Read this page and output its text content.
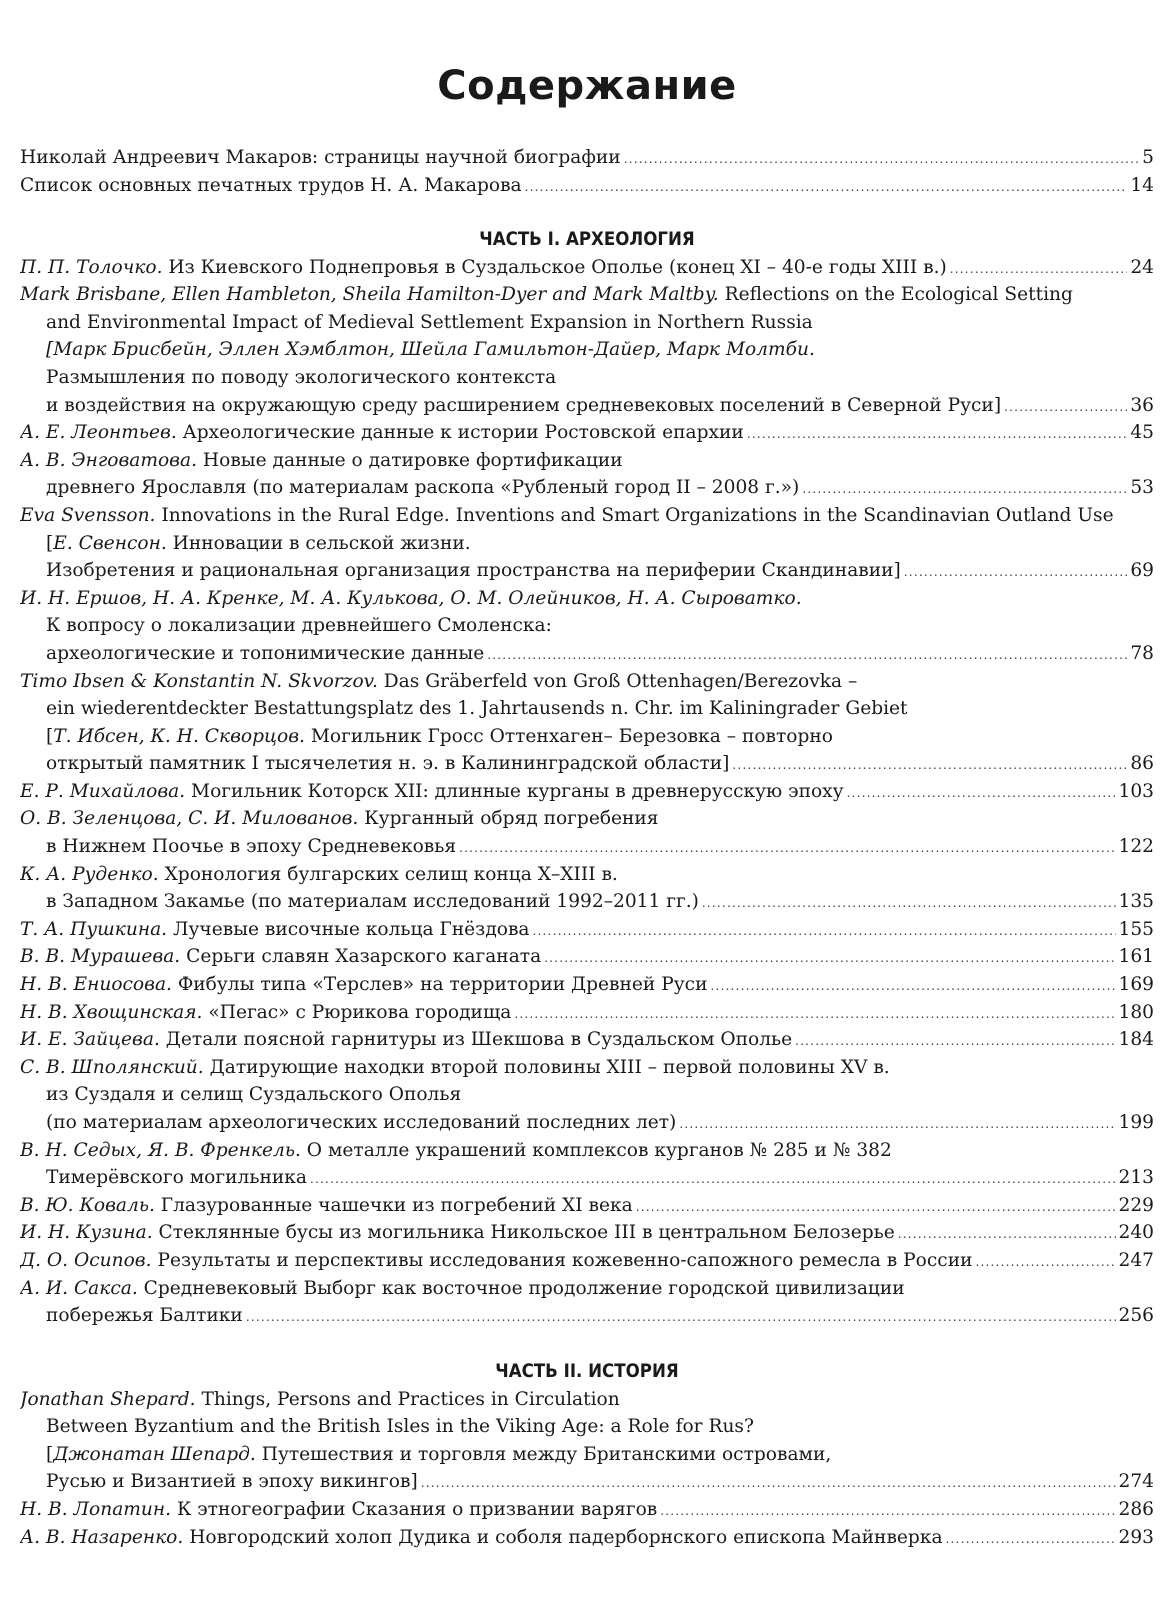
Содержание
Николай Андреевич Макаров: страницы научной биографии .....	5
Список основных печатных трудов Н. А. Макарова .....	14
ЧАСТЬ I. АРХЕОЛОГИЯ
П. П. Толочко. Из Киевского Поднепровья в Суздальское Ополье (конец XI – 40-е годы XIII в.) .....	24
Mark Brisbane, Ellen Hambleton, Sheila Hamilton-Dyer and Mark Maltby. Reflections on the Ecological Setting
and Environmental Impact of Medieval Settlement Expansion in Northern Russia
[Марк Брисбейн, Эллен Хэмблтон, Шейла Гамильтон-Дайер, Марк Молтби.
Размышления по поводу экологического контекста
и воздействия на окружающую среду расширением средневековых поселений в Северной Руси] .....	36
А. Е. Леонтьев. Археологические данные к истории Ростовской епархии .....	45
А. В. Энговатова. Новые данные о датировке фортификации
древнего Ярославля (по материалам раскопа «Рубленый город II – 2008 г.») .....	53
Eva Svensson. Innovations in the Rural Edge. Inventions and Smart Organizations in the Scandinavian Outland Use
[Е. Свенсон. Инновации в сельской жизни.
Изобретения и рациональная организация пространства на периферии Скандинавии] .....	69
И. Н. Ершов, Н. А. Кренке, М. А. Кулькова, О. М. Олейников, Н. А. Сыроватко.
К вопросу о локализации древнейшего Смоленска:
археологические и топонимические данные .....	78
Timo Ibsen & Konstantin N. Skvorzov. Das Gräberfeld von Groß Ottenhagen/Berezovka –
ein wiederentdeckter Bestattungsplatz des 1. Jahrtausends n. Chr. im Kaliningrader Gebiet
[Т. Ибсен, К. Н. Скворцов. Могильник Гросс Оттенхаген– Березовка – повторно
открытый памятник I тысячелетия н. э. в Калининградской области] .....	86
Е. Р. Михайлова. Могильник Которск XII: длинные курганы в древнерусскую эпоху .....	103
О. В. Зеленцова, С. И. Милованов. Курганный обряд погребения
в Нижнем Поочье в эпоху Средневековья .....	122
К. А. Руденко. Хронология булгарских селищ конца X–XIII в.
в Западном Закамье (по материалам исследований 1992–2011 гг.) .....	135
Т. А. Пушкина. Лучевые височные кольца Гнёздова .....	155
В. В. Мурашева. Серьги славян Хазарского каганата .....	161
Н. В. Ениосова. Фибулы типа «Терслев» на территории Древней Руси .....	169
Н. В. Хвощинская. «Пегас» с Рюрикова городища .....	180
И. Е. Зайцева. Детали поясной гарнитуры из Шекшова в Суздальском Ополье .....	184
С. В. Шполянский. Датирующие находки второй половины XIII – первой половины XV в.
из Суздаля и селищ Суздальского Ополья
(по материалам археологических исследований последних лет) .....	199
В. Н. Седых, Я. В. Френкель. О металле украшений комплексов курганов № 285 и № 382
Тимерёвского могильника .....	213
В. Ю. Коваль. Глазурованные чашечки из погребений XI века .....	229
И. Н. Кузина. Стеклянные бусы из могильника Никольское III в центральном Белозерье .....	240
Д. О. Осипов. Результаты и перспективы исследования кожевенно-сапожного ремесла в России .....	247
А. И. Сакса. Средневековый Выборг как восточное продолжение городской цивилизации
побережья Балтики .....	256
ЧАСТЬ II. ИСТОРИЯ
Jonathan Shepard. Things, Persons and Practices in Circulation
Between Byzantium and the British Isles in the Viking Age: a Role for Rus?
[Джонатан Шепард. Путешествия и торговля между Британскими островами,
Русью и Византией в эпоху викингов] .....	274
Н. В. Лопатин. К этногеографии Сказания о призвании варягов .....	286
А. В. Назаренко. Новгородский холоп Дудика и соболя падерборнского епископа Майнверка .....	293
